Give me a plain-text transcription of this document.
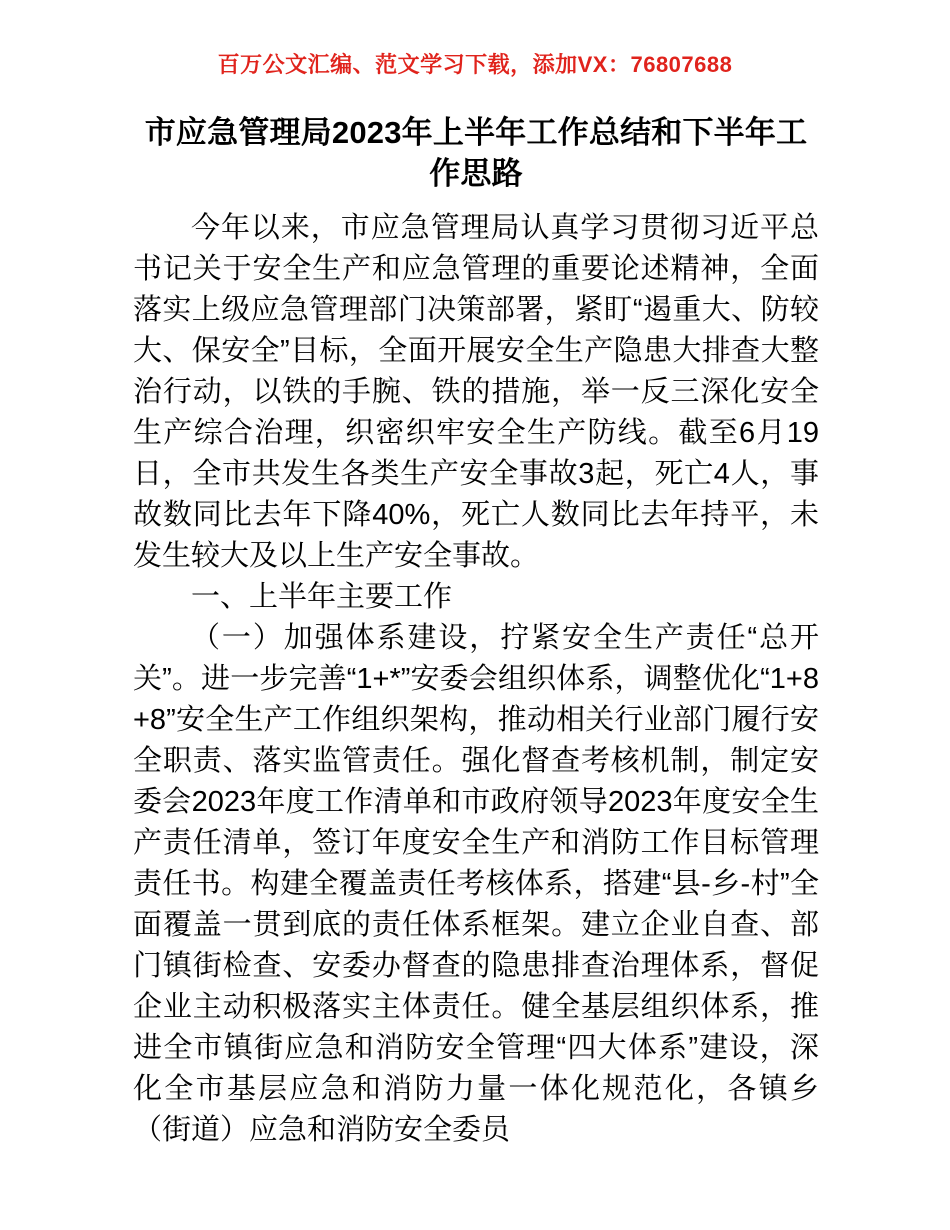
百万公文汇编、范文学习下载，添加VX：76807688
市应急管理局2023年上半年工作总结和下半年工作思路

今年以来，市应急管理局认真学习贯彻习近平总书记关于安全生产和应急管理的重要论述精神，全面落实上级应急管理部门决策部署，紧盯“遏重大、防较大、保安全”目标，全面开展安全生产隐患大排查大整治行动，以铁的手腕、铁的措施，举一反三深化安全生产综合治理，织密织牢安全生产防线。截至6月19日，全市共发生各类生产安全事故3起，死亡4人，事故数同比去年下降40%，死亡人数同比去年持平，未发生较大及以上生产安全事故。

一、上半年主要工作

（一）加强体系建设，拧紧安全生产责任“总开关”。进一步完善“1+*”安委会组织体系，调整优化“1+8+8”安全生产工作组织架构，推动相关行业部门履行安全职责、落实监管责任。强化督查考核机制，制定安委会2023年度工作清单和市政府领导2023年度安全生产责任清单，签订年度安全生产和消防工作目标管理责任书。构建全覆盖责任考核体系，搭建“县-乡-村”全面覆盖一贯到底的责任体系框架。建立企业自查、部门镇街检查、安委办督查的隐患排查治理体系，督促企业主动积极落实主体责任。健全基层组织体系，推进全市镇街应急和消防安全管理“四大体系”建设，深化全市基层应急和消防力量一体化规范化，各镇乡（街道）应急和消防安全委员
